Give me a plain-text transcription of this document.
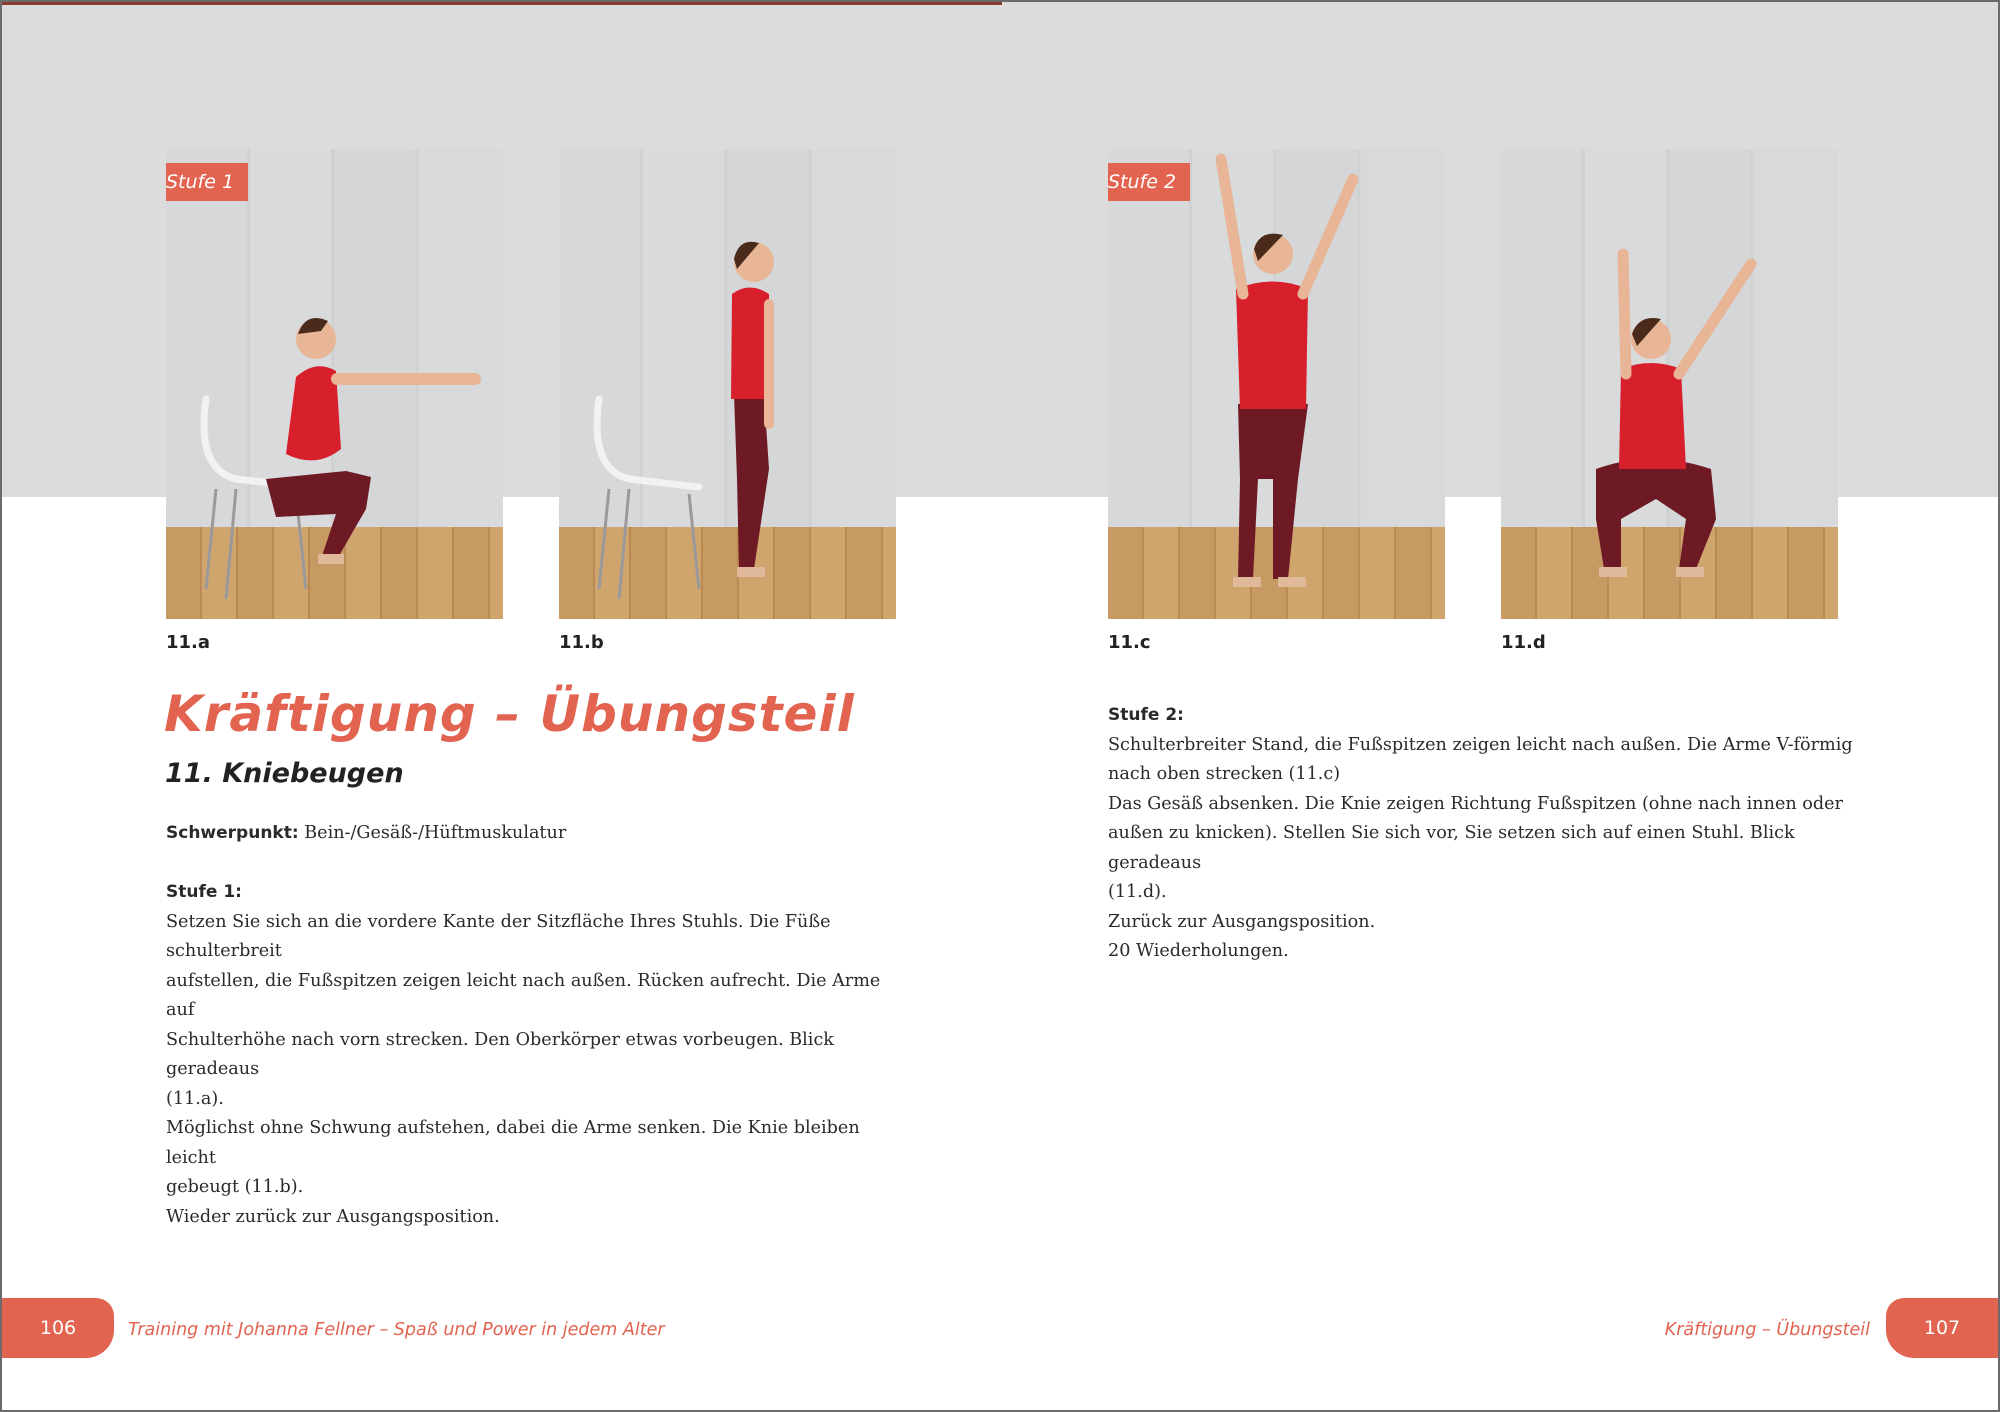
Stufe 1	Stufe 2
11.a	11.b	11.c	11.d
Kräftigung – Übungsteil
11. Kniebeugen

Schwerpunkt: Bein-/Gesäß-/Hüftmuskulatur

Stufe 1:

Setzen Sie sich an die vordere Kante der Sitzfläche Ihres Stuhls. Die Füße schulterbreit

aufstellen, die Fußspitzen zeigen leicht nach außen. Rücken aufrecht. Die Arme auf

Schulterhöhe nach vorn strecken. Den Oberkörper etwas vorbeugen. Blick geradeaus

(11.a).

Möglichst ohne Schwung aufstehen, dabei die Arme senken. Die Knie bleiben leicht

gebeugt (11.b).

Wieder zurück zur Ausgangsposition.

Stufe 2:

Schulterbreiter Stand, die Fußspitzen zeigen leicht nach außen. Die Arme V-förmig

nach oben strecken (11.c)

Das Gesäß absenken. Die Knie zeigen Richtung Fußspitzen (ohne nach innen oder

außen zu knicken). Stellen Sie sich vor, Sie setzen sich auf einen Stuhl. Blick geradeaus

(11.d).

Zurück zur Ausgangsposition.

20 Wiederholungen.

106	Training mit Johanna Fellner – Spaß und Power in jedem Alter	Kräftigung – Übungsteil	107
